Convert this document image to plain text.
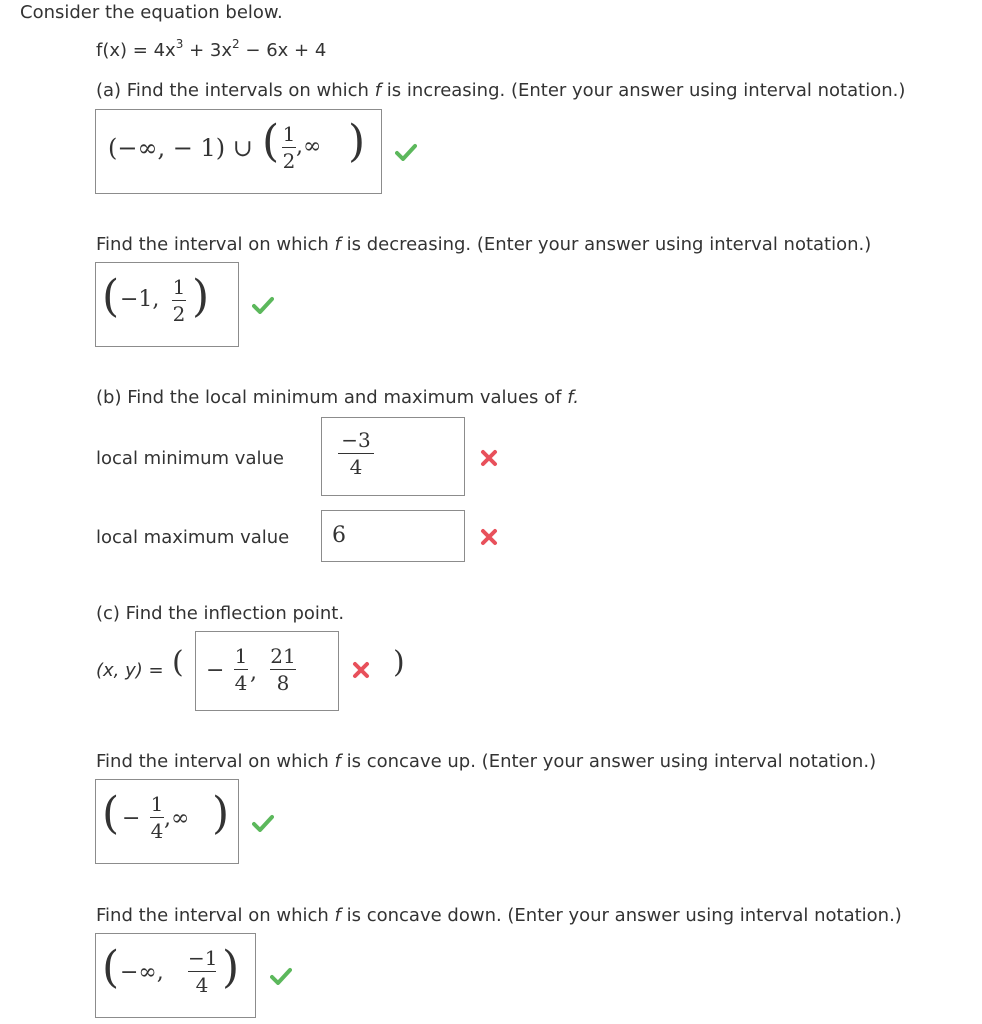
Consider the equation below.
$f(x) = 4x^3 + 3x^2 - 6x + 4$
(a) Find the intervals on which f is increasing. (Enter your answer using interval notation.)
(−∞, − 1) ∪ ( 1
2
,∞ )
Find the interval on which f is decreasing. (Enter your answer using interval notation.)
( −1, 1
2 )
(b) Find the local minimum and maximum values of f.
local minimum value
−3
4
local maximum value 6
(c) Find the inflection point.
(x, y) = ( −
1
4 ,
21
8
)
Find the interval on which f is concave up. (Enter your answer using interval notation.)
( −
1
4 ,∞ )
Find the interval on which f is concave down. (Enter your answer using interval notation.)
( −∞,
−1
4 )
